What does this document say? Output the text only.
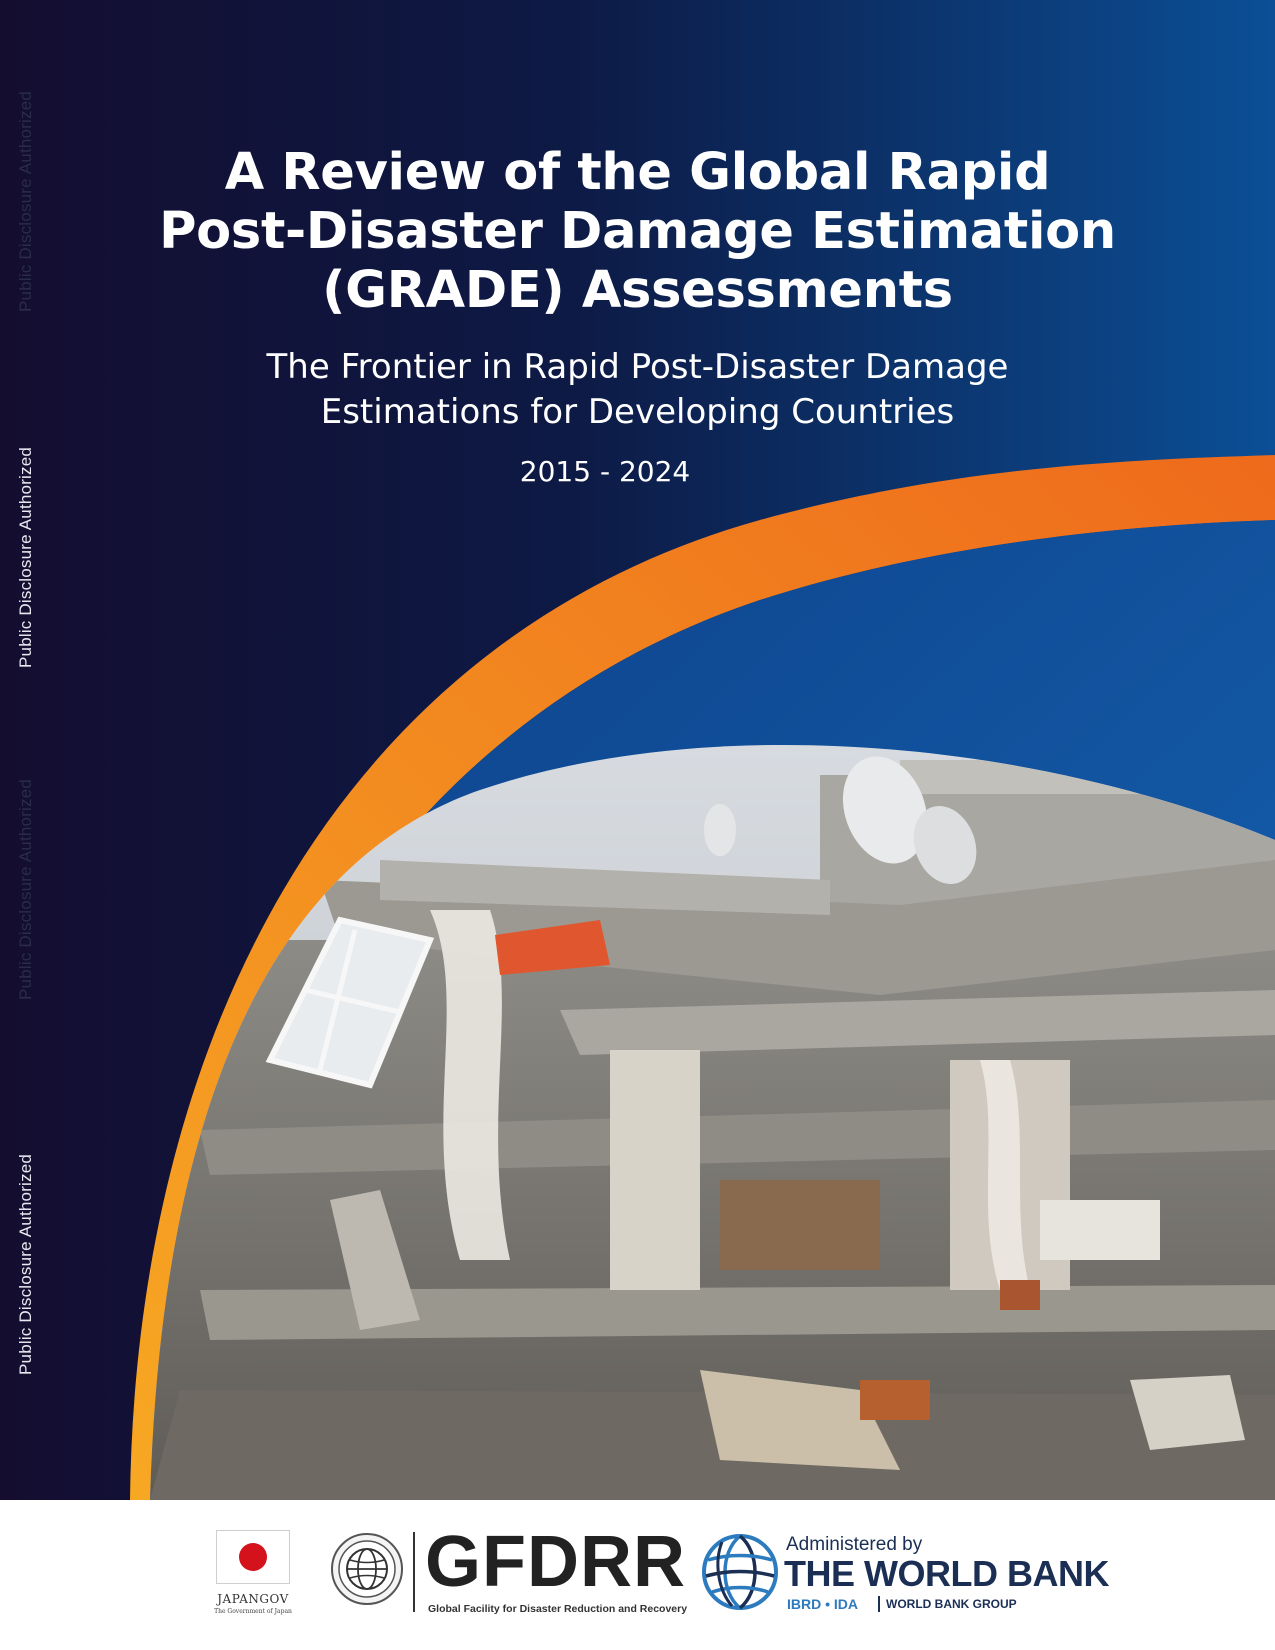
Public Disclosure Authorized
Public Disclosure Authorized
Public Disclosure Authorized
Public Disclosure Authorized
A Review of the Global Rapid
Post-Disaster Damage Estimation
(GRADE) Assessments
The Frontier in Rapid Post-Disaster Damage
Estimations for Developing Countries
2015 - 2024
JAPANGOV
The Government of Japan
GFDRR
Global Facility for Disaster Reduction and Recovery
Administered by
THE WORLD BANK
IBRD • IDA WORLD BANK GROUP
